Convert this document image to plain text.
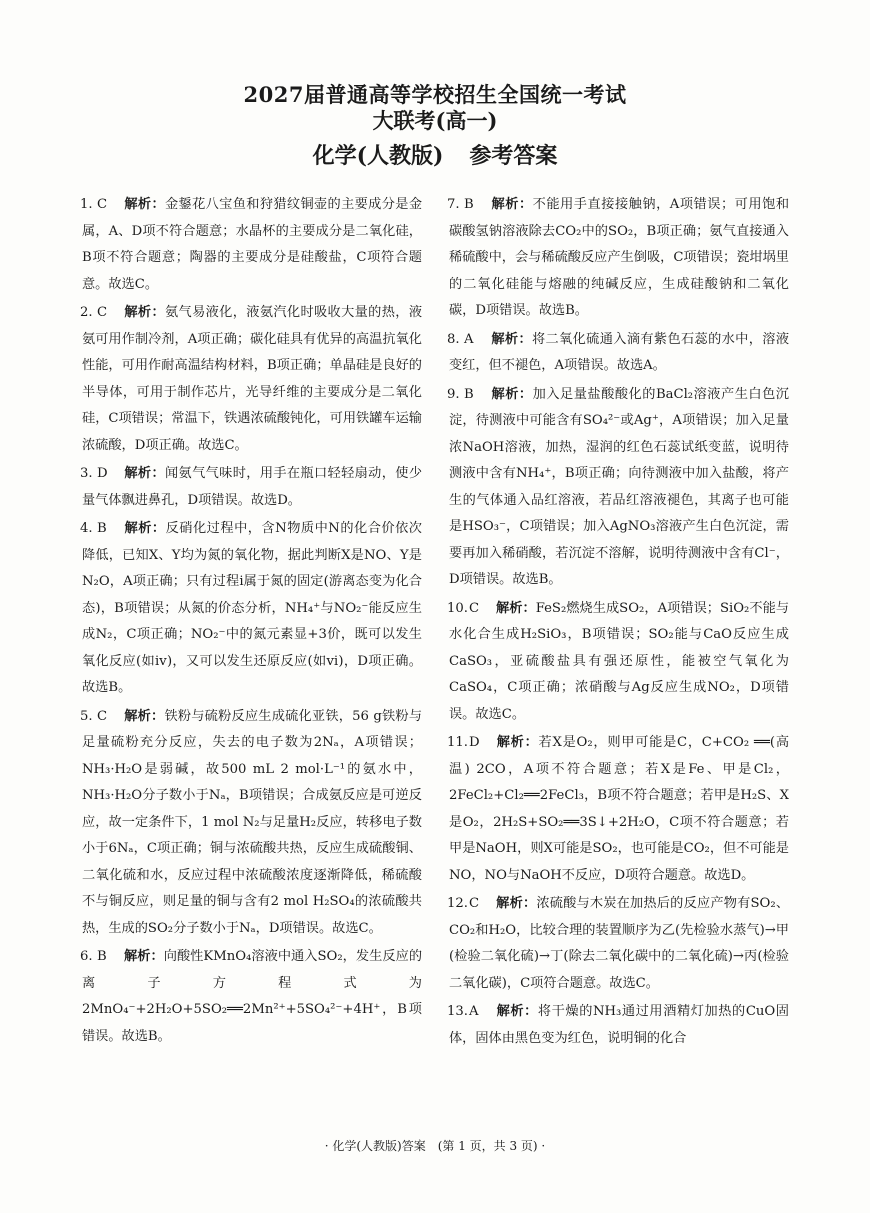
2027届普通高等学校招生全国统一考试
大联考(高一)
化学(人教版) 参考答案
1. C 解析：金鋬花八宝鱼和狩猎纹铜壶的主要成分是金属，A、D项不符合题意；水晶杯的主要成分是二氧化硅，B项不符合题意；陶器的主要成分是硅酸盐，C项符合题意。故选C。
2. C 解析：氨气易液化，液氨汽化时吸收大量的热，液氨可用作制冷剂，A项正确；碳化硅具有优异的高温抗氧化性能，可用作耐高温结构材料，B项正确；单晶硅是良好的半导体，可用于制作芯片，光导纤维的主要成分是二氧化硅，C项错误；常温下，铁遇浓硫酸钝化，可用铁罐车运输浓硫酸，D项正确。故选C。
3. D 解析：闻氨气气味时，用手在瓶口轻轻扇动，使少量气体飘进鼻孔，D项错误。故选D。
4. B 解析：反硝化过程中，含N物质中N的化合价依次降低，已知X、Y均为氮的氧化物，据此判断X是NO、Y是N₂O，A项正确；只有过程ⅰ属于氮的固定(游离态变为化合态)，B项错误；从氮的价态分析，NH₄⁺与NO₂⁻能反应生成N₂，C项正确；NO₂⁻中的氮元素显+3价，既可以发生氧化反应(如ⅳ)，又可以发生还原反应(如ⅵ)，D项正确。故选B。
5. C 解析：铁粉与硫粉反应生成硫化亚铁，56 g铁粉与足量硫粉充分反应，失去的电子数为2Nₐ，A项错误；NH₃·H₂O是弱碱，故500 mL 2 mol·L⁻¹的氨水中，NH₃·H₂O分子数小于Nₐ，B项错误；合成氨反应是可逆反应，故一定条件下，1 mol N₂与足量H₂反应，转移电子数小于6Nₐ，C项正确；铜与浓硫酸共热，反应生成硫酸铜、二氧化硫和水，反应过程中浓硫酸浓度逐渐降低，稀硫酸不与铜反应，则足量的铜与含有2 mol H₂SO₄的浓硫酸共热，生成的SO₂分子数小于Nₐ，D项错误。故选C。
6. B 解析：向酸性KMnO₄溶液中通入SO₂，发生反应的离子方程式为2MnO₄⁻+2H₂O+5SO₂══2Mn²⁺+5SO₄²⁻+4H⁺，B项错误。故选B。
7. B 解析：不能用手直接接触钠，A项错误；可用饱和碳酸氢钠溶液除去CO₂中的SO₂，B项正确；氨气直接通入稀硫酸中，会与稀硫酸反应产生倒吸，C项错误；瓷坩埚里的二氧化硅能与熔融的纯碱反应，生成硅酸钠和二氧化碳，D项错误。故选B。
8. A 解析：将二氧化硫通入滴有紫色石蕊的水中，溶液变红，但不褪色，A项错误。故选A。
9. B 解析：加入足量盐酸酸化的BaCl₂溶液产生白色沉淀，待测液中可能含有SO₄²⁻或Ag⁺，A项错误；加入足量浓NaOH溶液，加热，湿润的红色石蕊试纸变蓝，说明待测液中含有NH₄⁺，B项正确；向待测液中加入盐酸，将产生的气体通入品红溶液，若品红溶液褪色，其离子也可能是HSO₃⁻，C项错误；加入AgNO₃溶液产生白色沉淀，需要再加入稀硝酸，若沉淀不溶解，说明待测液中含有Cl⁻，D项错误。故选B。
10.C 解析：FeS₂燃烧生成SO₂，A项错误；SiO₂不能与水化合生成H₂SiO₃，B项错误；SO₂能与CaO反应生成CaSO₃，亚硫酸盐具有强还原性，能被空气氧化为CaSO₄，C项正确；浓硝酸与Ag反应生成NO₂，D项错误。故选C。
11.D 解析：若X是O₂，则甲可能是C，C+CO₂ ══(高温) 2CO，A项不符合题意；若X是Fe、甲是Cl₂，2FeCl₂+Cl₂══2FeCl₃，B项不符合题意；若甲是H₂S、X是O₂，2H₂S+SO₂══3S↓+2H₂O，C项不符合题意；若甲是NaOH，则X可能是SO₂，也可能是CO₂，但不可能是NO，NO与NaOH不反应，D项符合题意。故选D。
12.C 解析：浓硫酸与木炭在加热后的反应产物有SO₂、CO₂和H₂O，比较合理的装置顺序为乙(先检验水蒸气)→甲(检验二氧化硫)→丁(除去二氧化碳中的二氧化硫)→丙(检验二氧化碳)，C项符合题意。故选C。
13.A 解析：将干燥的NH₃通过用酒精灯加热的CuO固体，固体由黑色变为红色，说明铜的化合
· 化学(人教版)答案　(第 1 页，共 3 页) ·
